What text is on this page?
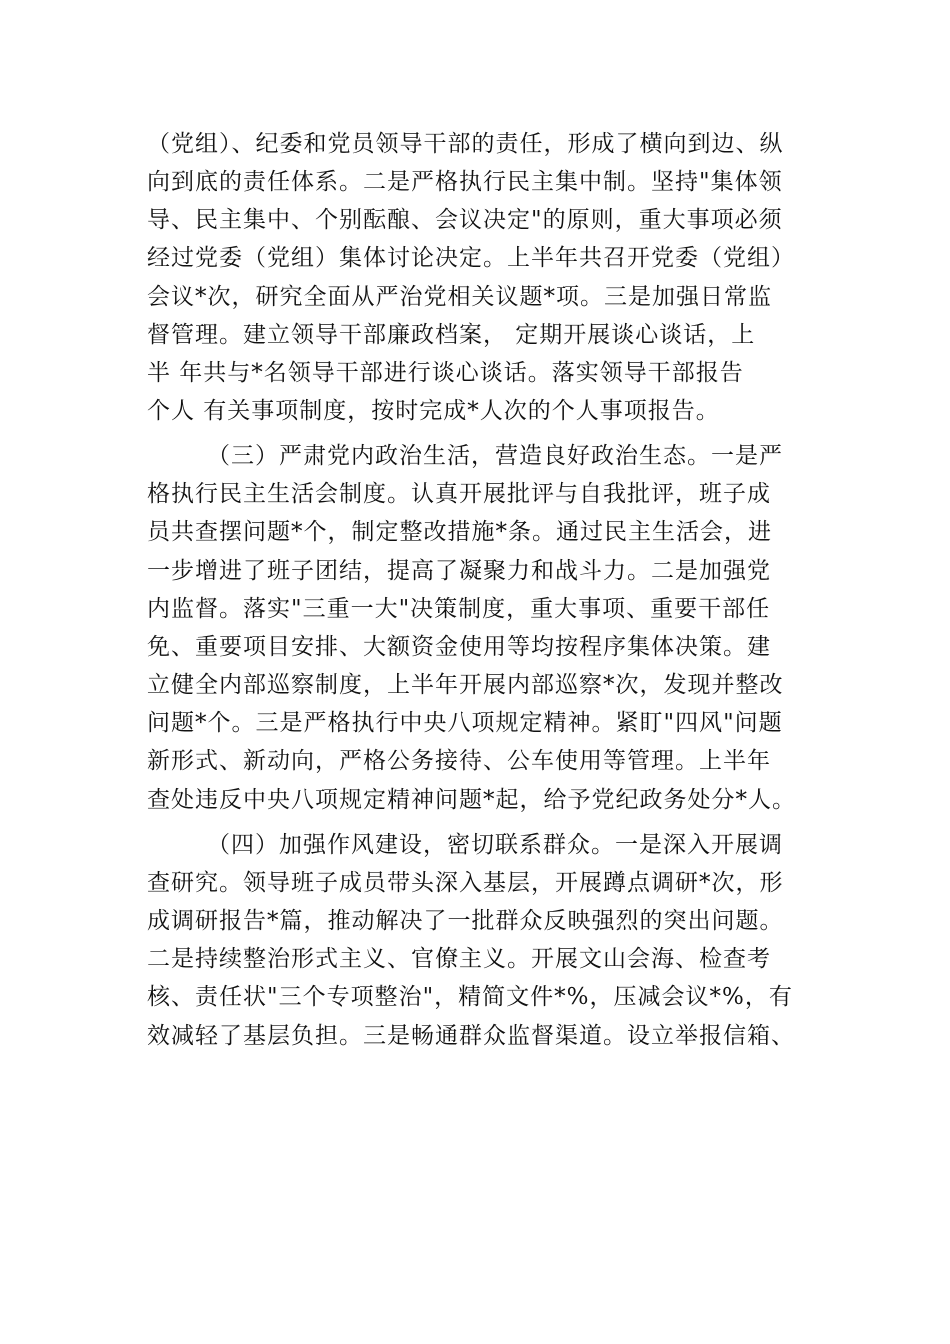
（党组）、纪委和党员领导干部的责任，形成了横向到边、纵
向到底的责任体系。二是严格执行民主集中制。坚持"集体领
导、民主集中、个别酝酿、会议决定"的原则，重大事项必须
经过党委（党组）集体讨论决定。上半年共召开党委（党组）
会议*次，研究全面从严治党相关议题*项。三是加强日常监
督管理。建立领导干部廉政档案， 定期开展谈心谈话，上
半 年共与*名领导干部进行谈心谈话。落实领导干部报告
个人 有关事项制度，按时完成*人次的个人事项报告。
（三）严肃党内政治生活，营造良好政治生态。一是严
格执行民主生活会制度。认真开展批评与自我批评，班子成
员共查摆问题*个，制定整改措施*条。通过民主生活会，进
一步增进了班子团结，提高了凝聚力和战斗力。二是加强党
内监督。落实"三重一大"决策制度，重大事项、重要干部任
免、重要项目安排、大额资金使用等均按程序集体决策。建
立健全内部巡察制度，上半年开展内部巡察*次，发现并整改
问题*个。三是严格执行中央八项规定精神。紧盯"四风"问题
新形式、新动向，严格公务接待、公车使用等管理。上半年
查处违反中央八项规定精神问题*起，给予党纪政务处分*人。
（四）加强作风建设，密切联系群众。一是深入开展调
查研究。领导班子成员带头深入基层，开展蹲点调研*次，形
成调研报告*篇，推动解决了一批群众反映强烈的突出问题。
二是持续整治形式主义、官僚主义。开展文山会海、检查考
核、责任状"三个专项整治"，精简文件*%，压减会议*%，有
效减轻了基层负担。三是畅通群众监督渠道。设立举报信箱、
